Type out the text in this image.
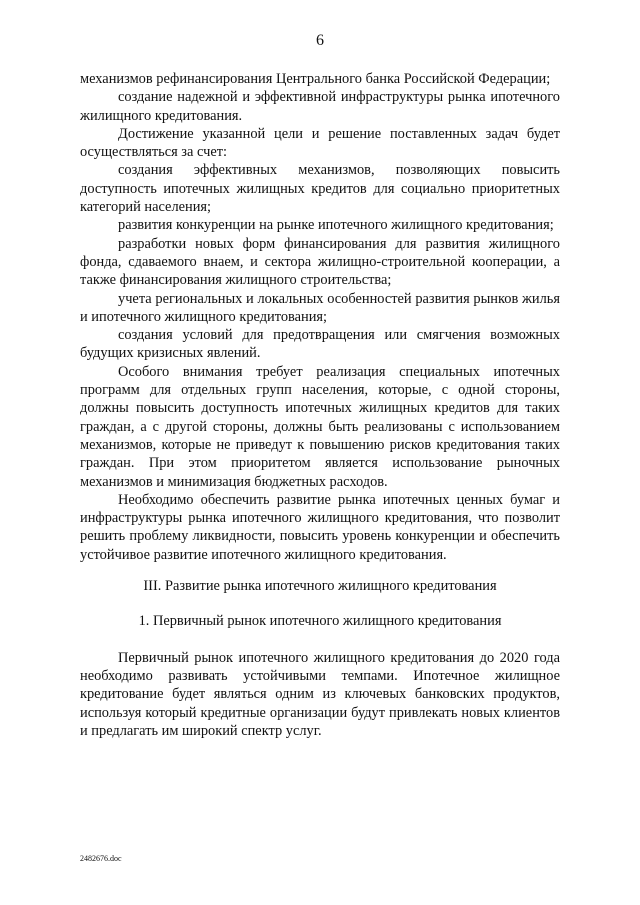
6

механизмов рефинансирования Центрального банка Российской Федерации;

создание надежной и эффективной инфраструктуры рынка ипотечного жилищного кредитования.

Достижение указанной цели и решение поставленных задач будет осуществляться за счет:

создания эффективных механизмов, позволяющих повысить доступность ипотечных жилищных кредитов для социально приоритетных категорий населения;

развития конкуренции на рынке ипотечного жилищного кредитования;

разработки новых форм финансирования для развития жилищного фонда, сдаваемого внаем, и сектора жилищно-строительной кооперации, а также финансирования жилищного строительства;

учета региональных и локальных особенностей развития рынков жилья и ипотечного жилищного кредитования;

создания условий для предотвращения или смягчения возможных будущих кризисных явлений.

Особого внимания требует реализация специальных ипотечных программ для отдельных групп населения, которые, с одной стороны, должны повысить доступность ипотечных жилищных кредитов для таких граждан, а с другой стороны, должны быть реализованы с использованием механизмов, которые не приведут к повышению рисков кредитования таких граждан. При этом приоритетом является использование рыночных механизмов и минимизация бюджетных расходов.

Необходимо обеспечить развитие рынка ипотечных ценных бумаг и инфраструктуры рынка ипотечного жилищного кредитования, что позволит решить проблему ликвидности, повысить уровень конкуренции и обеспечить устойчивое развитие ипотечного жилищного кредитования.

III. Развитие рынка ипотечного жилищного кредитования

1. Первичный рынок ипотечного жилищного кредитования

Первичный рынок ипотечного жилищного кредитования до 2020 года необходимо развивать устойчивыми темпами. Ипотечное жилищное кредитование будет являться одним из ключевых банковских продуктов, используя который кредитные организации будут привлекать новых клиентов и предлагать им широкий спектр услуг.

2482676.doc
